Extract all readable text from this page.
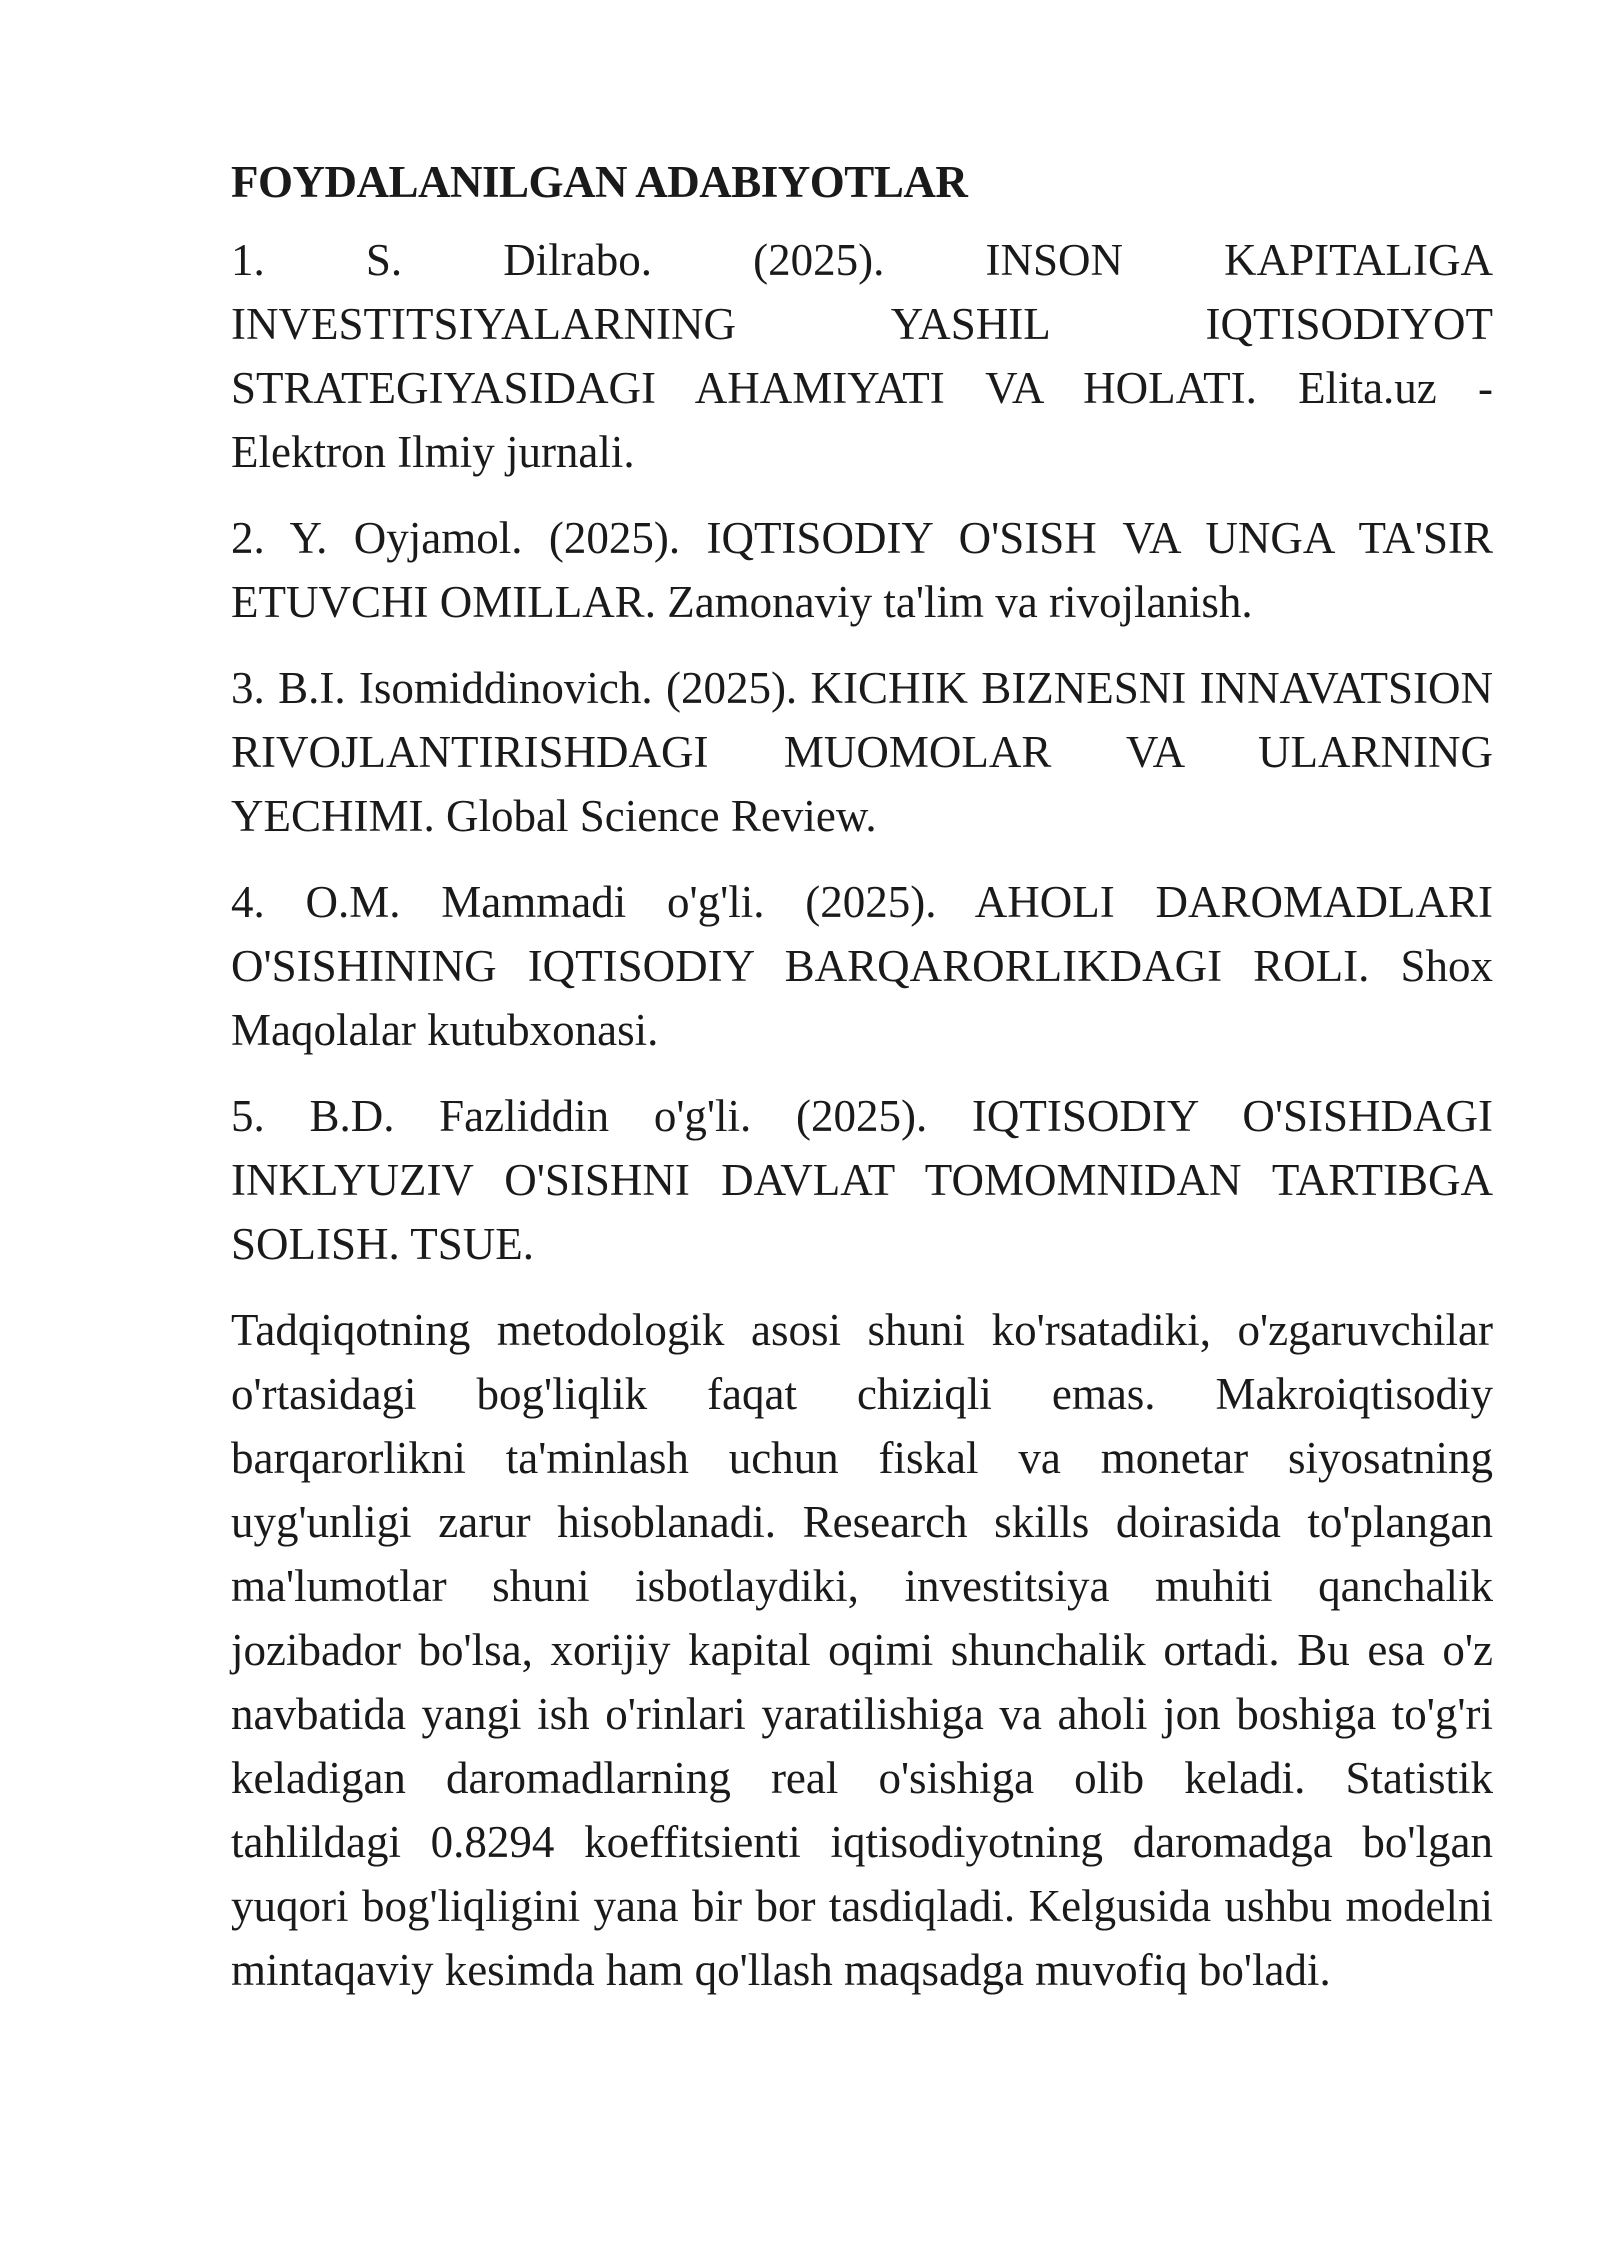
FOYDALANILGAN ADABIYOTLAR
1. S. Dilrabo. (2025). INSON KAPITALIGA INVESTITSIYALARNING YASHIL IQTISODIYOT STRATEGIYASIDAGI AHAMIYATI VA HOLATI. Elita.uz - Elektron Ilmiy jurnali.
2. Y. Oyjamol. (2025). IQTISODIY O'SISH VA UNGA TA'SIR ETUVCHI OMILLAR. Zamonaviy ta'lim va rivojlanish.
3. B.I. Isomiddinovich. (2025). KICHIK BIZNESNI INNAVATSION RIVOJLANTIRISHDAGI MUOMOLAR VA ULARNING YECHIMI. Global Science Review.
4. O.M. Mammadi o'g'li. (2025). AHOLI DAROMADLARI O'SISHINING IQTISODIY BARQARORLIKDAGI ROLI. Shox Maqolalar kutubxonasi.
5. B.D. Fazliddin o'g'li. (2025). IQTISODIY O'SISHDAGI INKLYUZIV O'SISHNI DAVLAT TOMOMNIDAN TARTIBGA SOLISH. TSUE.

Tadqiqotning metodologik asosi shuni ko'rsatadiki, o'zgaruvchilar o'rtasidagi bog'liqlik faqat chiziqli emas. Makroiqtisodiy barqarorlikni ta'minlash uchun fiskal va monetar siyosatning uyg'unligi zarur hisoblanadi. Research skills doirasida to'plangan ma'lumotlar shuni isbotlaydiki, investitsiya muhiti qanchalik jozibador bo'lsa, xorijiy kapital oqimi shunchalik ortadi. Bu esa o'z navbatida yangi ish o'rinlari yaratilishiga va aholi jon boshiga to'g'ri keladigan daromadlarning real o'sishiga olib keladi. Statistik tahlildagi 0.8294 koeffitsienti iqtisodiyotning daromadga bo'lgan yuqori bog'liqligini yana bir bor tasdiqladi. Kelgusida ushbu modelni mintaqaviy kesimda ham qo'llash maqsadga muvofiq bo'ladi.
